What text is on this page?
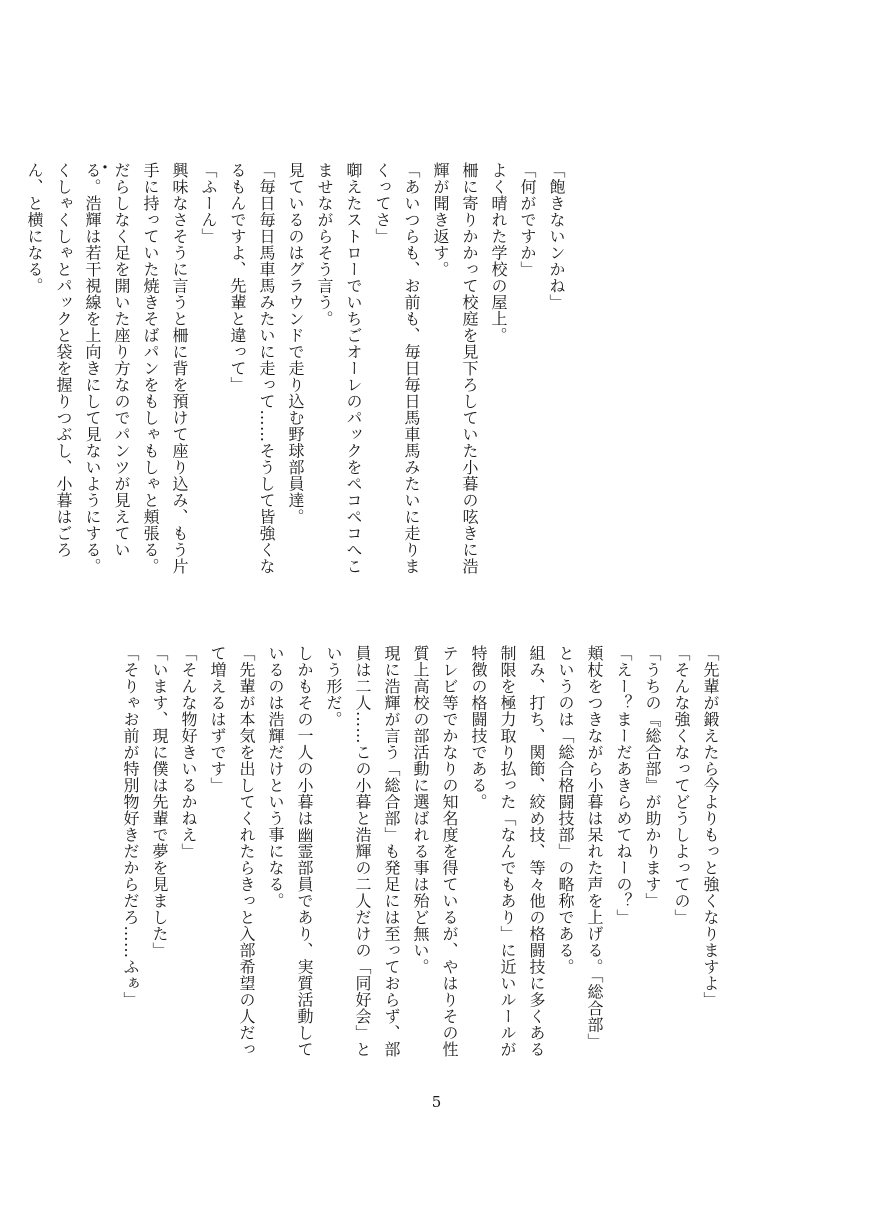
・	「飽きないンかね」
「何がですか」
よく晴れた学校の屋上。
柵に寄りかかって校庭を見下ろしていた小暮の呟きに浩
輝が聞き返す。
「あいつらも、お前も、毎日毎日馬車馬みたいに走りま
くってさ」
啣えたストローでいちごオーレのパックをペコペコへこ
ませながらそう言う。
見ているのはグラウンドで走り込む野球部員達。
「毎日毎日馬車馬みたいに走って……そうして皆強くな
るもんですよ、先輩と違って」
「ふーん」
興味なさそうに言うと柵に背を預けて座り込み、もう片
手に持っていた焼きそばパンをもしゃもしゃと頬張る。
だらしなく足を開いた座り方なのでパンツが見えてい
る。浩輝は若干視線を上向きにして見ないようにする。
くしゃくしゃとパックと袋を握りつぶし、小暮はごろ
ん、と横になる。
「先輩が鍛えたら今よりもっと強くなりますよ」
「そんな強くなってどうしよっての」
「うちの『総合部』が助かります」
「えー？まーだあきらめてねーの？」
頬杖をつきながら小暮は呆れた声を上げる。「総合部」
というのは「総合格闘技部」の略称である。
組み、打ち、関節、絞め技、等々他の格闘技に多くある
制限を極力取り払った「なんでもあり」に近いルールが
特徴の格闘技である。
テレビ等でかなりの知名度を得ているが、やはりその性
質上高校の部活動に選ばれる事は殆ど無い。
現に浩輝が言う「総合部」も発足には至っておらず、部
員は二人……この小暮と浩輝の二人だけの「同好会」と
いう形だ。
しかもその一人の小暮は幽霊部員であり、実質活動して
いるのは浩輝だけという事になる。
「先輩が本気を出してくれたらきっと入部希望の人だっ
て増えるはずです」
「そんな物好きいるかねえ」
「います、現に僕は先輩で夢を見ました」
「そりゃお前が特別物好きだからだろ……ふぁ」
5
